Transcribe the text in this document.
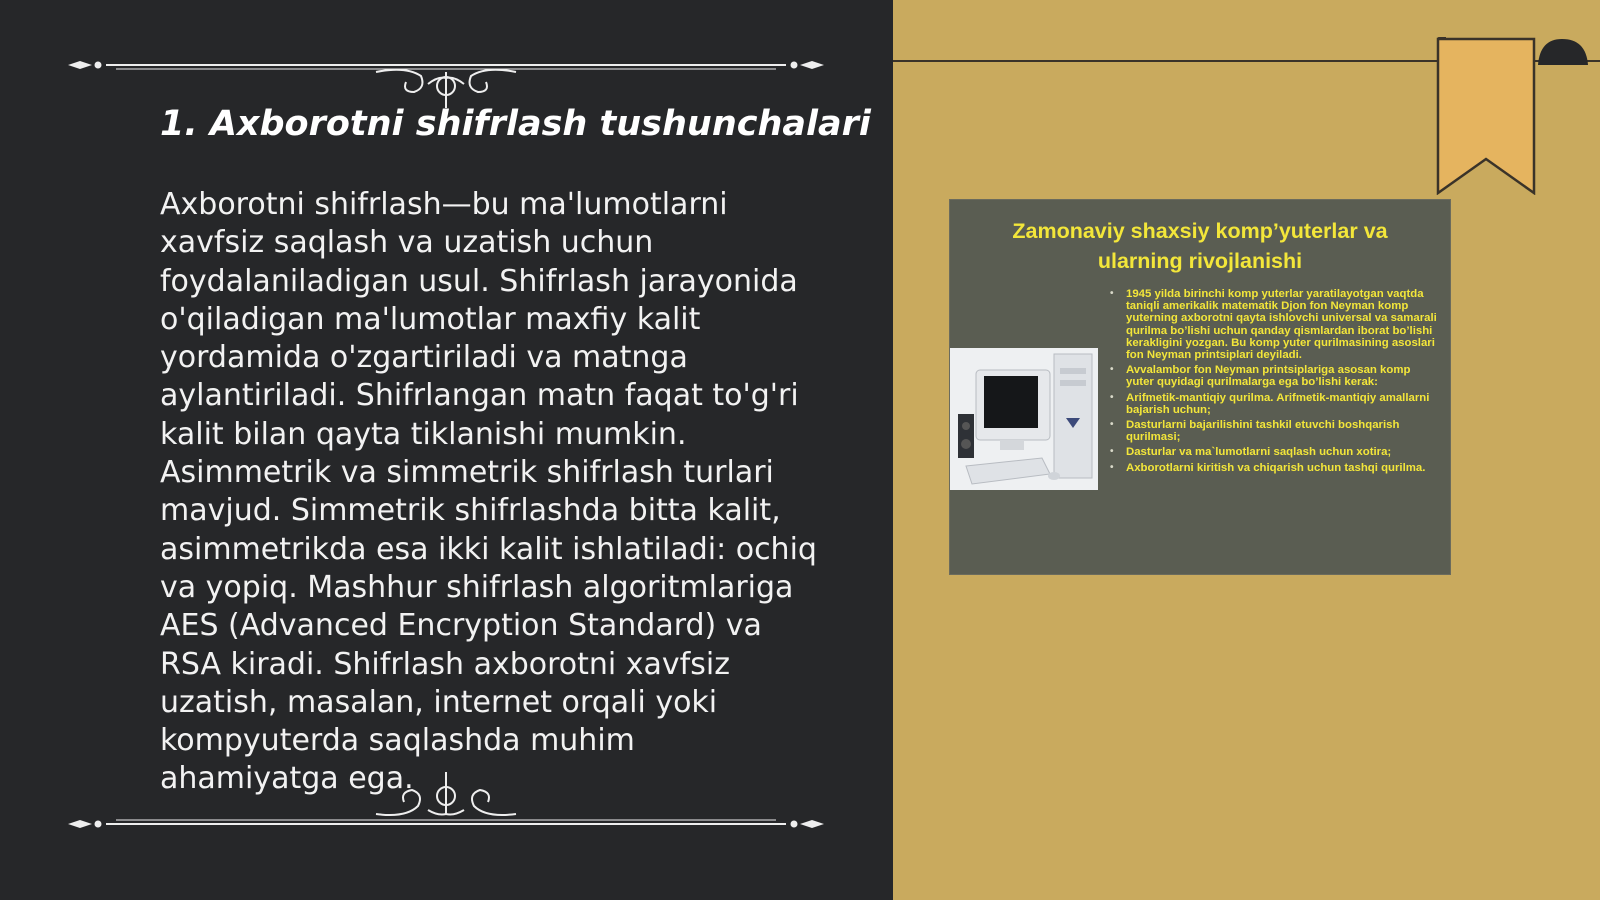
1. Axborotni shifrlash tushunchalari

Axborotni shifrlash—bu ma'lumotlarni xavfsiz saqlash va uzatish uchun foydalaniladigan usul. Shifrlash jarayonida o'qiladigan ma'lumotlar maxfiy kalit yordamida o'zgartiriladi va matnga aylantiriladi. Shifrlangan matn faqat to'g'ri kalit bilan qayta tiklanishi mumkin. Asimmetrik va simmetrik shifrlash turlari mavjud. Simmetrik shifrlashda bitta kalit, asimmetrikda esa ikki kalit ishlatiladi: ochiq va yopiq. Mashhur shifrlash algoritmlariga AES (Advanced Encryption Standard) va RSA kiradi. Shifrlash axborotni xavfsiz uzatish, masalan, internet orqali yoki kompyuterda saqlashda muhim ahamiyatga ega.

Zamonaviy shaxsiy komp’yuterlar va ularning rivojlanishi

• 1945 yilda birinchi komp yuterlar yaratilayotgan vaqtda taniqli amerikalik matematik Djon fon Neyman komp yuterning axborotni qayta ishlovchi universal va samarali qurilma bo’lishi uchun qanday qismlardan iborat bo’lishi kerakligini yozgan. Bu komp yuter qurilmasining asoslari fon Neyman printsiplari deyiladi.
• Avvalambor fon Neyman printsiplariga asosan komp yuter quyidagi qurilmalarga ega bo’lishi kerak:
• Arifmetik-mantiqiy qurilma. Arifmetik-mantiqiy amallarni bajarish uchun;
• Dasturlarni bajarilishini tashkil etuvchi boshqarish qurilmasi;
• Dasturlar va ma`lumotlarni saqlash uchun xotira;
• Axborotlarni kiritish va chiqarish uchun tashqi qurilma.
